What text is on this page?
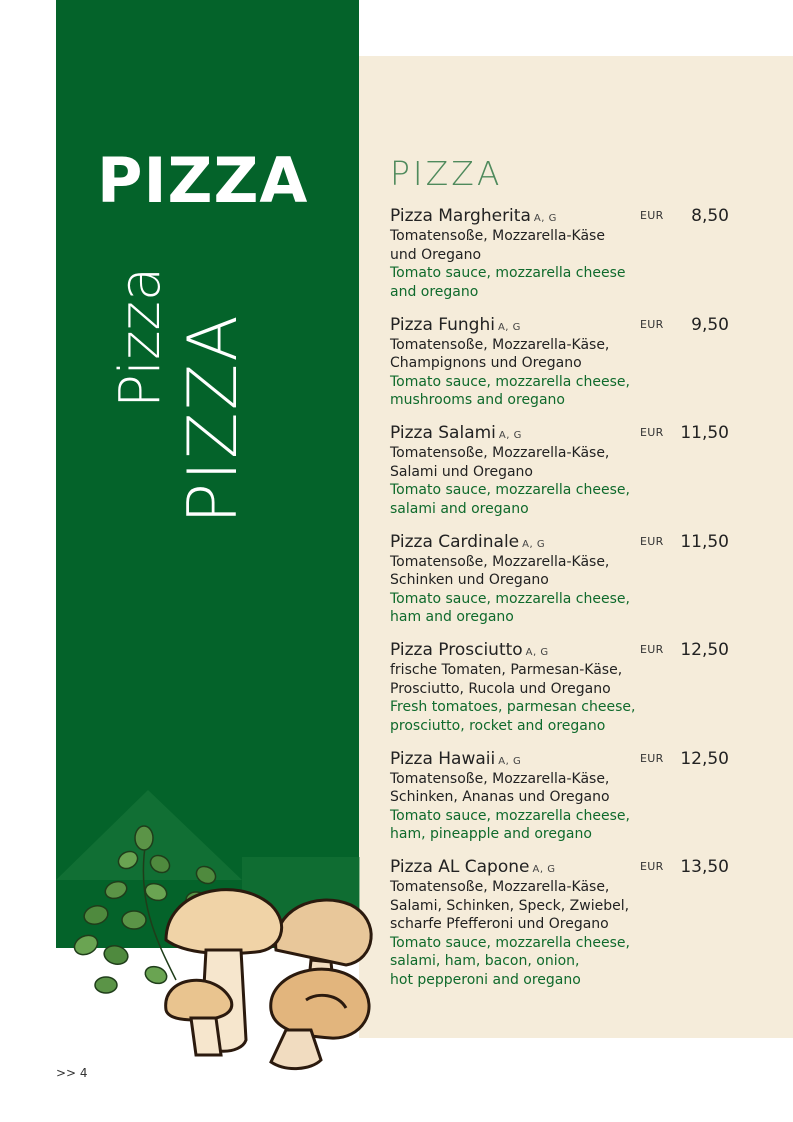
PIZZA
Pizza PIZZA
PIZZA
Pizza Margherita A, G	EUR 8,50
Tomatensoße, Mozzarella-Käse
und Oregano
Tomato sauce, mozzarella cheese
and oregano
Pizza Funghi A, G	EUR 9,50
Tomatensoße, Mozzarella-Käse,
Champignons und Oregano
Tomato sauce, mozzarella cheese,
mushrooms and oregano
Pizza Salami A, G	EUR 11,50
Tomatensoße, Mozzarella-Käse,
Salami und Oregano
Tomato sauce, mozzarella cheese,
salami and oregano
Pizza Cardinale A, G	EUR 11,50
Tomatensoße, Mozzarella-Käse,
Schinken und Oregano
Tomato sauce, mozzarella cheese,
ham and oregano
Pizza Prosciutto A, G	EUR 12,50
frische Tomaten, Parmesan-Käse,
Prosciutto, Rucola und Oregano
Fresh tomatoes, parmesan cheese,
prosciutto, rocket and oregano
Pizza Hawaii A, G	EUR 12,50
Tomatensoße, Mozzarella-Käse,
Schinken, Ananas und Oregano
Tomato sauce, mozzarella cheese,
ham, pineapple and oregano
Pizza AL Capone A, G	EUR 13,50
Tomatensoße, Mozzarella-Käse,
Salami, Schinken, Speck, Zwiebel,
scharfe Pfefferoni und Oregano
Tomato sauce, mozzarella cheese,
salami, ham, bacon, onion,
hot pepperoni and oregano
>> 4
